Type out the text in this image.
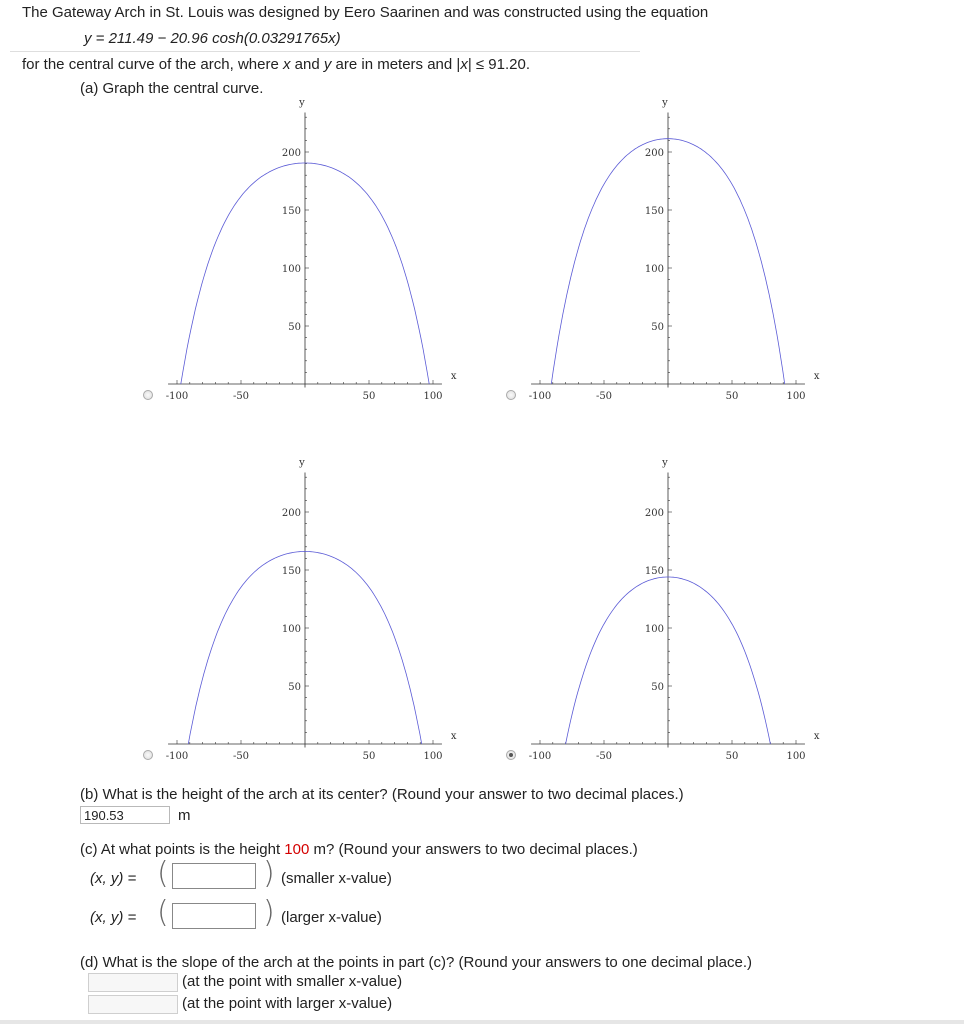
The Gateway Arch in St. Louis was designed by Eero Saarinen and was constructed using the equation
y = 211.49 − 20.96 cosh(0.03291765x)
for the central curve of the arch, where x and y are in meters and |x| ≤ 91.20.
(a) Graph the central curve.
-100	-50	50	100
50
100
150
200
x
y
-100	-50	50	100
50
100
150
200
x
y
-100	-50	50	100
50
100
150
200
x
y
-100	-50	50	100
50
100
150
200
x
y
(b) What is the height of the arch at its center? (Round your answer to two decimal places.)
190.53	m
(c) At what points is the height 100 m? (Round your answers to two decimal places.)
(x, y) = (	) (smaller x-value)
(x, y) = (	) (larger x-value)
(d) What is the slope of the arch at the points in part (c)? (Round your answers to one decimal place.)
(at the point with smaller x-value)
(at the point with larger x-value)
